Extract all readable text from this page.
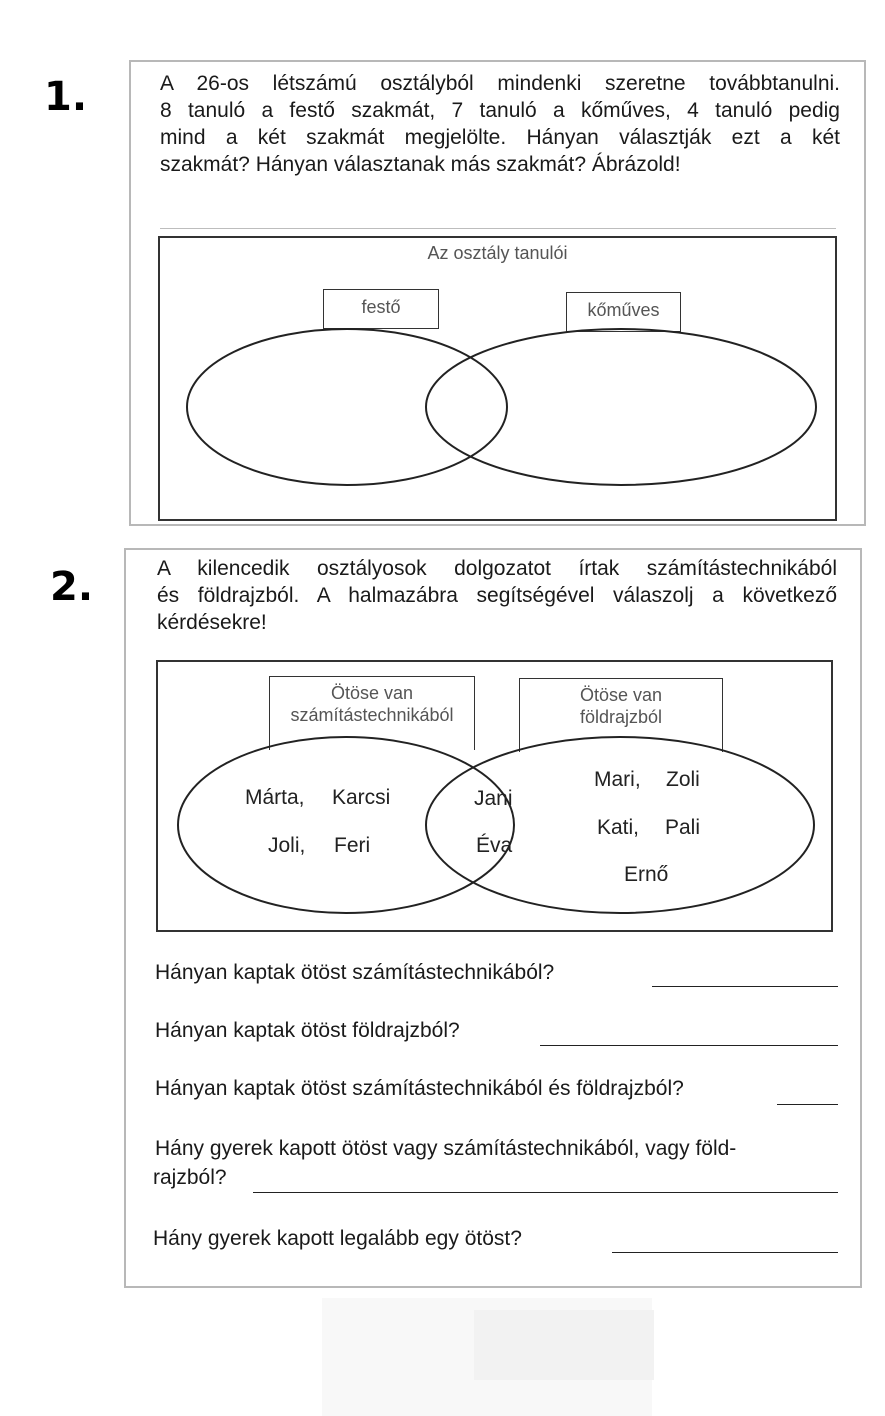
1.	A 26-os létszámú osztályból mindenki szeretne továbbtanulni.
8 tanuló a festő szakmát, 7 tanuló a kőműves, 4 tanuló pedig
mind a két szakmát megjelölte. Hányan választják ezt a két
szakmát? Hányan választanak más szakmát? Ábrázold!
Az osztály tanulói
festő	kőműves
2.	A kilencedik osztályosok dolgozatot írtak számítástechnikából
és földrajzból. A halmazábra segítségével válaszolj a következő
kérdésekre!
Ötöse van
számítástechnikából
Ötöse van
földrajzból
Márta, Karcsi
Joli, Feri
Jani
Éva
Mari, Zoli
Kati, Pali
Ernő
Hányan kaptak ötöst számítástechnikából?
Hányan kaptak ötöst földrajzból?
Hányan kaptak ötöst számítástechnikából és földrajzból?
Hány gyerek kapott ötöst vagy számítástechnikából, vagy föld-
rajzból?
Hány gyerek kapott legalább egy ötöst?
